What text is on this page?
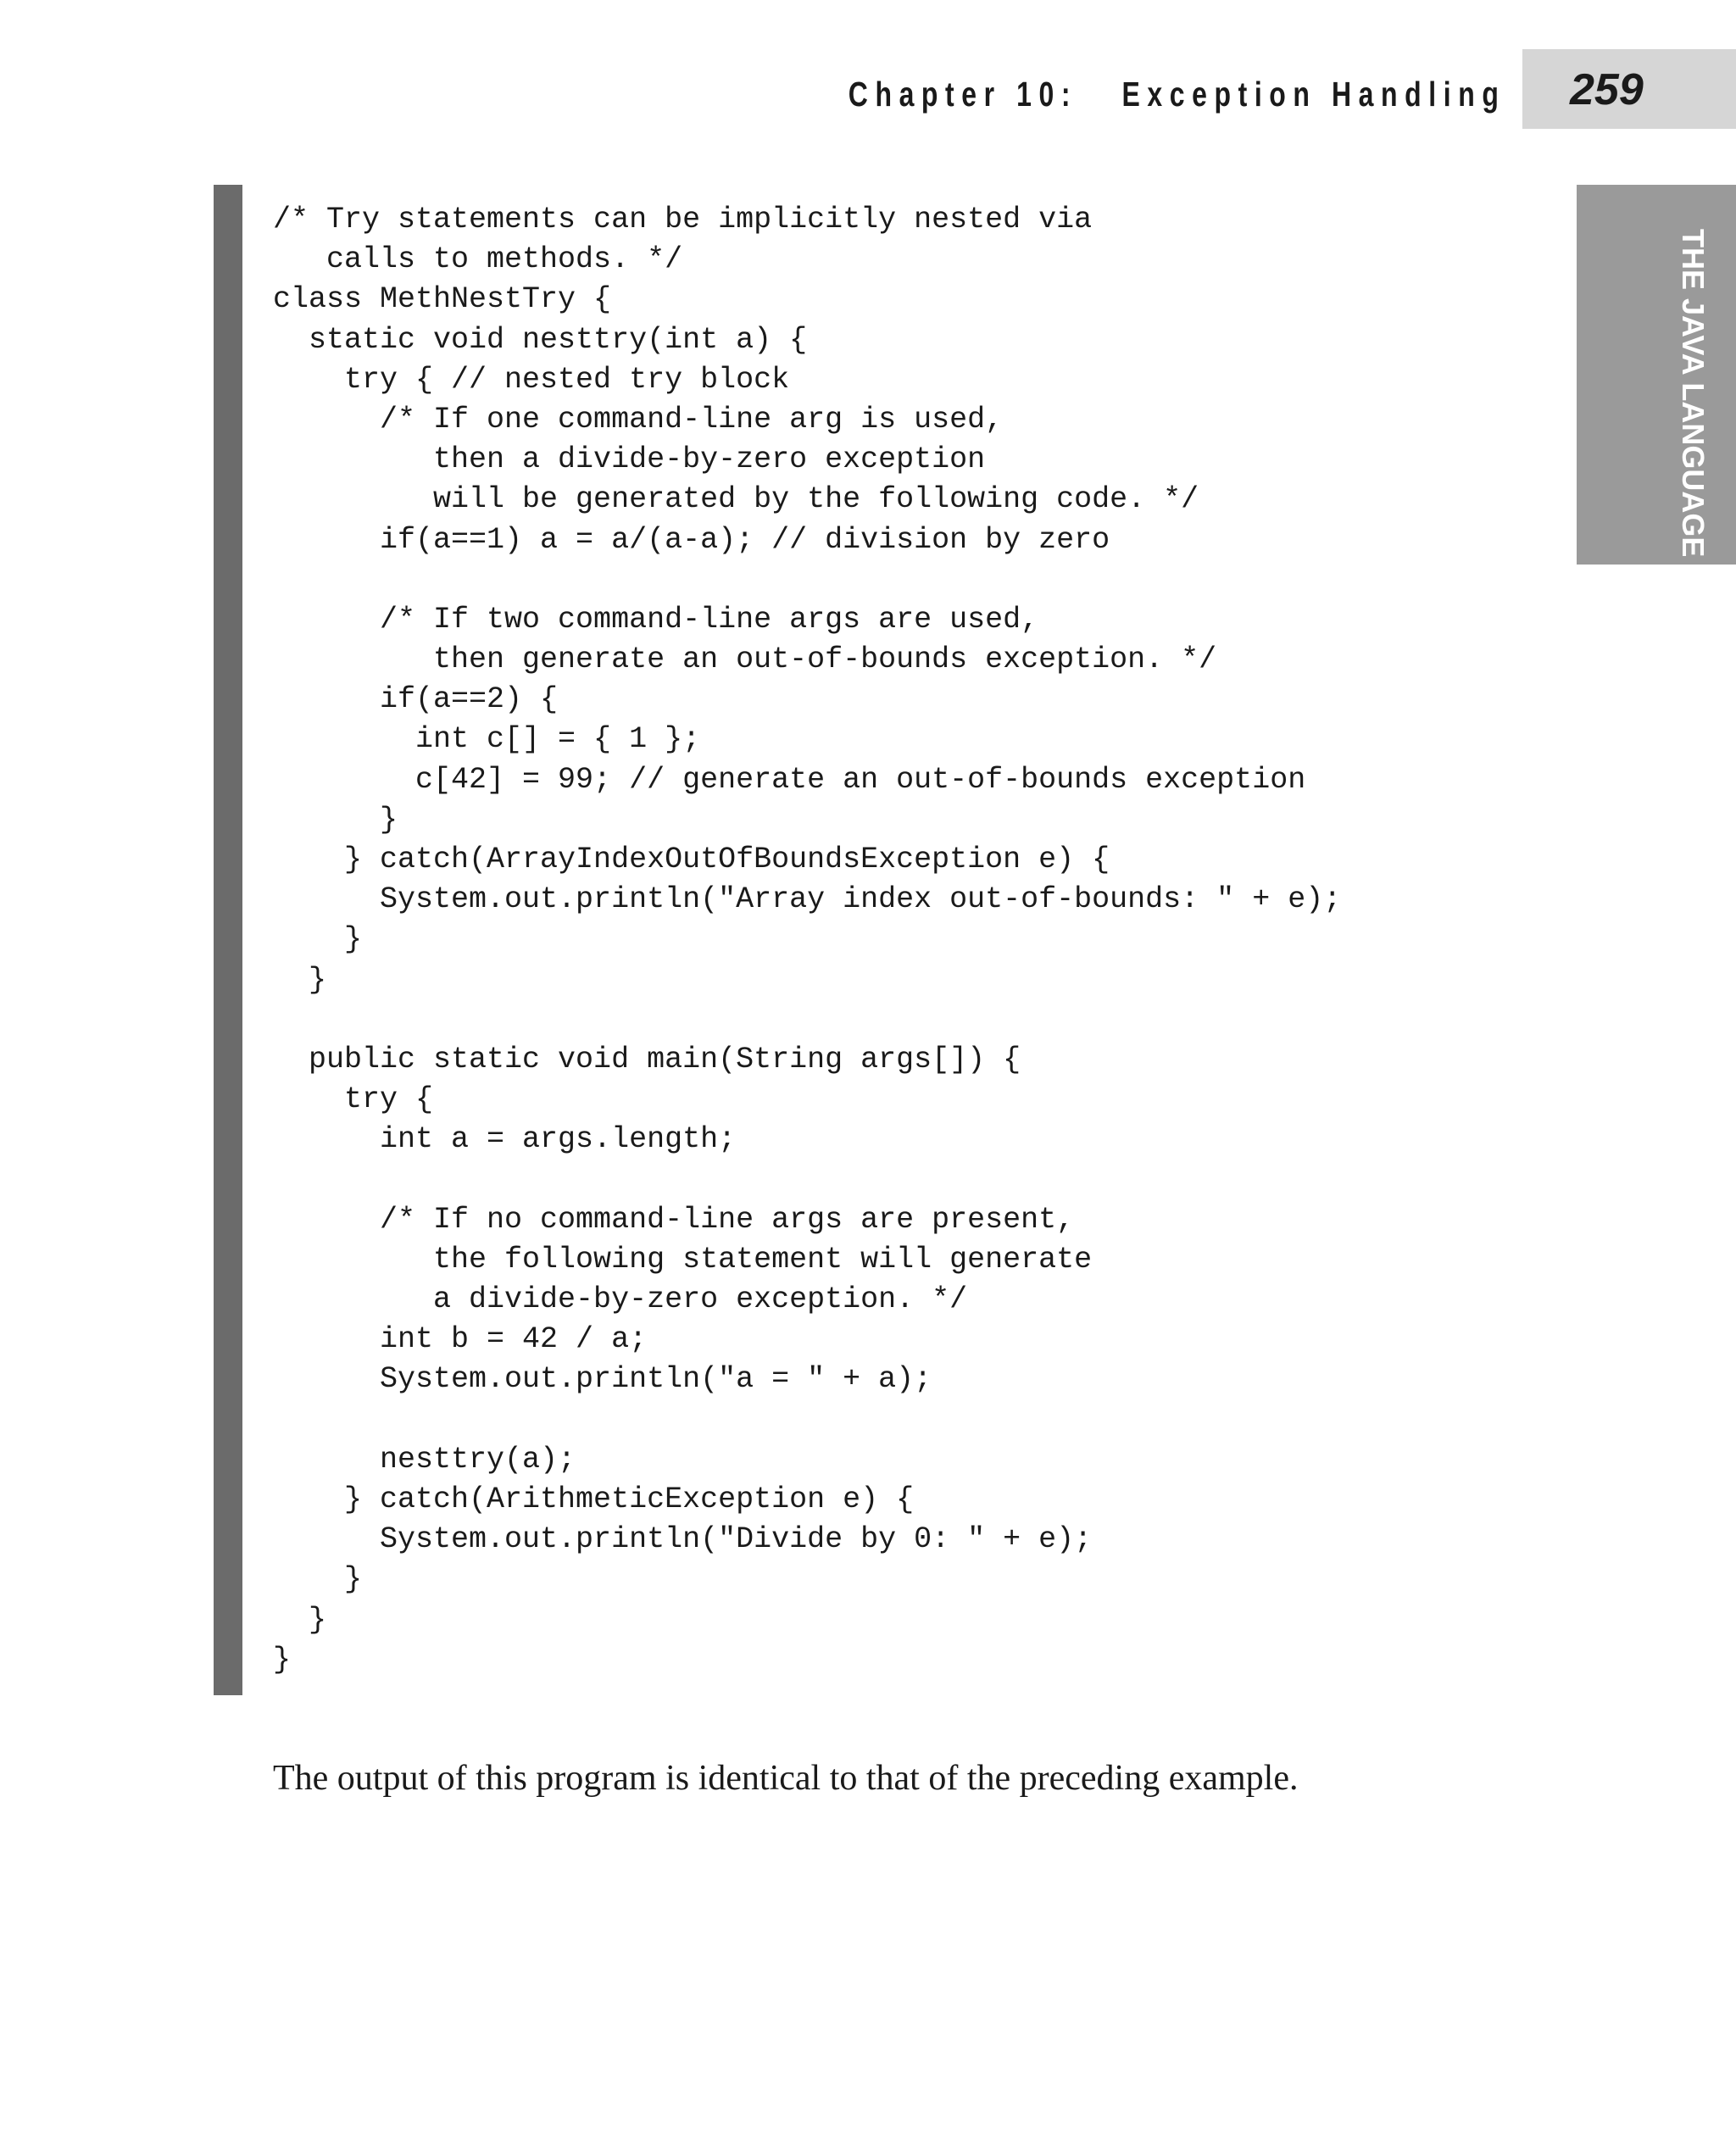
Chapter 10:   Exception Handling 259
THE JAVA LANGUAGE
/* Try statements can be implicitly nested via
calls to methods. */
class MethNestTry {
static void nesttry(int a) {
try { // nested try block
/* If one command-line arg is used,
then a divide-by-zero exception
will be generated by the following code. */
if(a==1) a = a/(a-a); // division by zero

/* If two command-line args are used,
then generate an out-of-bounds exception. */
if(a==2) {
int c[] = { 1 };
c[42] = 99; // generate an out-of-bounds exception
}
} catch(ArrayIndexOutOfBoundsException e) {
System.out.println("Array index out-of-bounds: " + e);
}
}

public static void main(String args[]) {
try {
int a = args.length;

/* If no command-line args are present,
the following statement will generate
a divide-by-zero exception. */
int b = 42 / a;
System.out.println("a = " + a);

nesttry(a);
} catch(ArithmeticException e) {
System.out.println("Divide by 0: " + e);
}
}
}

The output of this program is identical to that of the preceding example.
